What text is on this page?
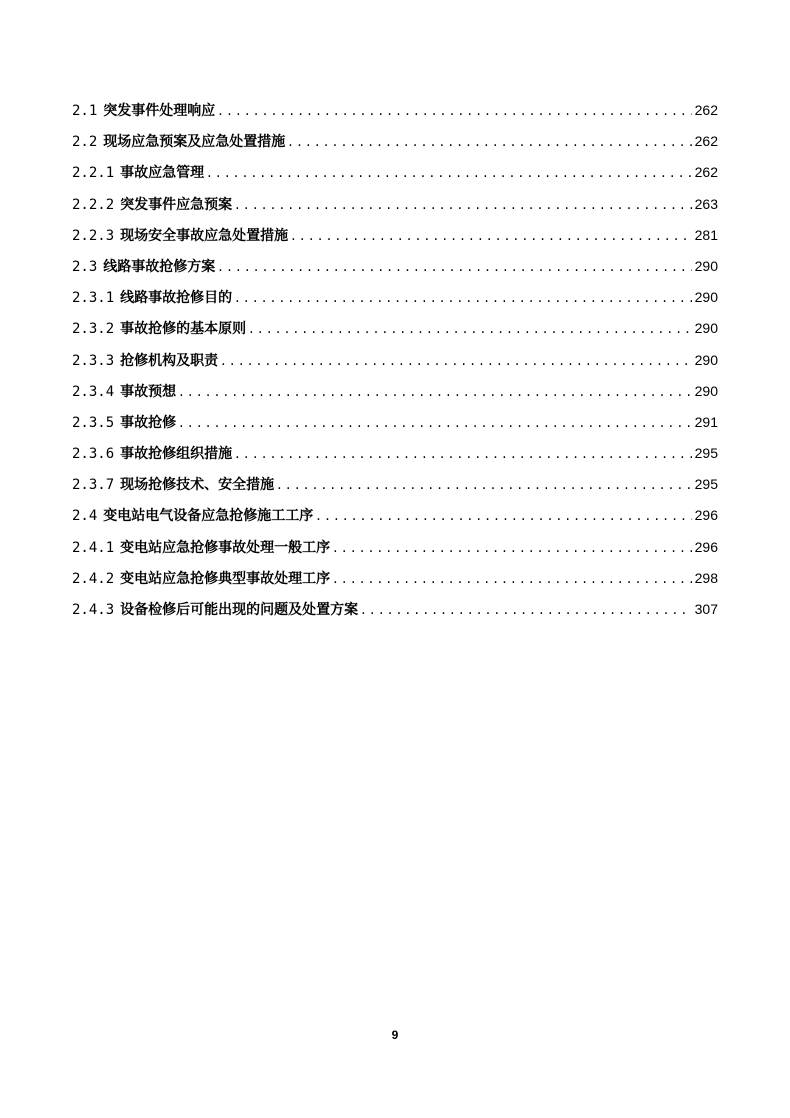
2.1 突发事件处理响应 . . .	262
2.2 现场应急预案及应急处置措施 . . .	262
2.2.1 事故应急管理 . . .	262
2.2.2 突发事件应急预案 . . .	263
2.2.3 现场安全事故应急处置措施 . . .	281
2.3 线路事故抢修方案 . . .	290
2.3.1 线路事故抢修目的 . . .	290
2.3.2 事故抢修的基本原则 . . .	290
2.3.3 抢修机构及职责 . . .	290
2.3.4 事故预想 . . .	290
2.3.5 事故抢修 . . .	291
2.3.6 事故抢修组织措施 . . .	295
2.3.7 现场抢修技术、安全措施 . . .	295
2.4 变电站电气设备应急抢修施工工序 . . .	296
2.4.1 变电站应急抢修事故处理一般工序 . . .	296
2.4.2 变电站应急抢修典型事故处理工序 . . .	298
2.4.3 设备检修后可能出现的问题及处置方案 . . .	307
9
